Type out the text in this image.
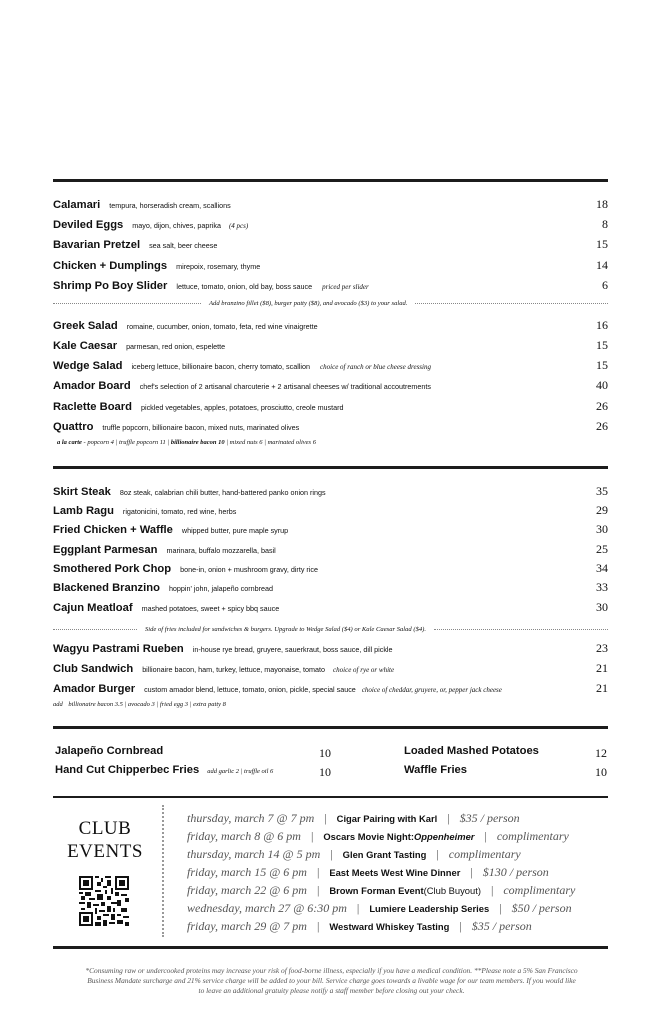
Calamari tempura, horseradish cream, scallions	18
Deviled Eggs mayo, dijon, chives, paprika (4 pcs)	8
Bavarian Pretzel sea salt, beer cheese	15
Chicken + Dumplings mirepoix, rosemary, thyme	14
Shrimp Po Boy Slider lettuce, tomato, onion, old bay, boss sauce priced per slider	6
Add branzino fillet ($8), burger patty ($8), and avocado ($3) to your salad.
Greek Salad romaine, cucumber, onion, tomato, feta, red wine vinaigrette	16
Kale Caesar parmesan, red onion, espelette	15
Wedge Salad iceberg lettuce, billionaire bacon, cherry tomato, scallion choice of ranch or blue cheese dressing	15
Amador Board chef's selection of 2 artisanal charcuterie + 2 artisanal cheeses w/ traditional accoutrements	40
Raclette Board pickled vegetables, apples, potatoes, prosciutto, creole mustard	26
Quattro truffle popcorn, billionaire bacon, mixed nuts, marinated olives	26
a la carte - popcorn 4 | truffle popcorn 11 | billionaire bacon 10 | mixed nuts 6 | marinated olives 6
Skirt Steak 8oz steak, calabrian chili butter, hand-battered panko onion rings	35
Lamb Ragu rigatonicini, tomato, red wine, herbs	29
Fried Chicken + Waffle whipped butter, pure maple syrup	30
Eggplant Parmesan marinara, buffalo mozzarella, basil	25
Smothered Pork Chop bone-in, onion + mushroom gravy, dirty rice	34
Blackened Branzino hoppin' john, jalapeño cornbread	33
Cajun Meatloaf mashed potatoes, sweet + spicy bbq sauce	30
Side of fries included for sandwiches & burgers. Upgrade to Wedge Salad ($4) or Kale Caesar Salad ($4).
Wagyu Pastrami Rueben in-house rye bread, gruyere, sauerkraut, boss sauce, dill pickle	23
Club Sandwich billionaire bacon, ham, turkey, lettuce, mayonaise, tomato choice of rye or white	21
Amador Burger custom amador blend, lettuce, tomato, onion, pickle, special sauce choice of cheddar, gruyere, or, pepper jack cheese	21
add billionaire bacon 3.5 | avocado 3 | fried egg 3 | extra patty 8
Jalapeño Cornbread	10
Hand Cut Chipperbec Fries add garlic 2 | truffle oil 6	10
Loaded Mashed Potatoes	12
Waffle Fries	10
CLUB
EVENTS
thursday, march 7 @ 7 pm | Cigar Pairing with Karl | $35 / person
friday, march 8 @ 6 pm | Oscars Movie Night: Oppenheimer | complimentary
thursday, march 14 @ 5 pm | Glen Grant Tasting | complimentary
friday, march 15 @ 6 pm | East Meets West Wine Dinner | $130 / person
friday, march 22 @ 6 pm | Brown Forman Event (Club Buyout) | complimentary
wednesday, march 27 @ 6:30 pm | Lumiere Leadership Series | $50 / person
friday, march 29 @ 7 pm | Westward Whiskey Tasting | $35 / person
*Consuming raw or undercooked proteins may increase your risk of food-borne illness, especially if you have a medical condition. **Please note a 5% San Francisco Business Mandate surcharge and 21% service charge will be added to your bill. Service charge goes towards a livable wage for our team members. If you would like to leave an additional gratuity please notify a staff member before closing out your check.
